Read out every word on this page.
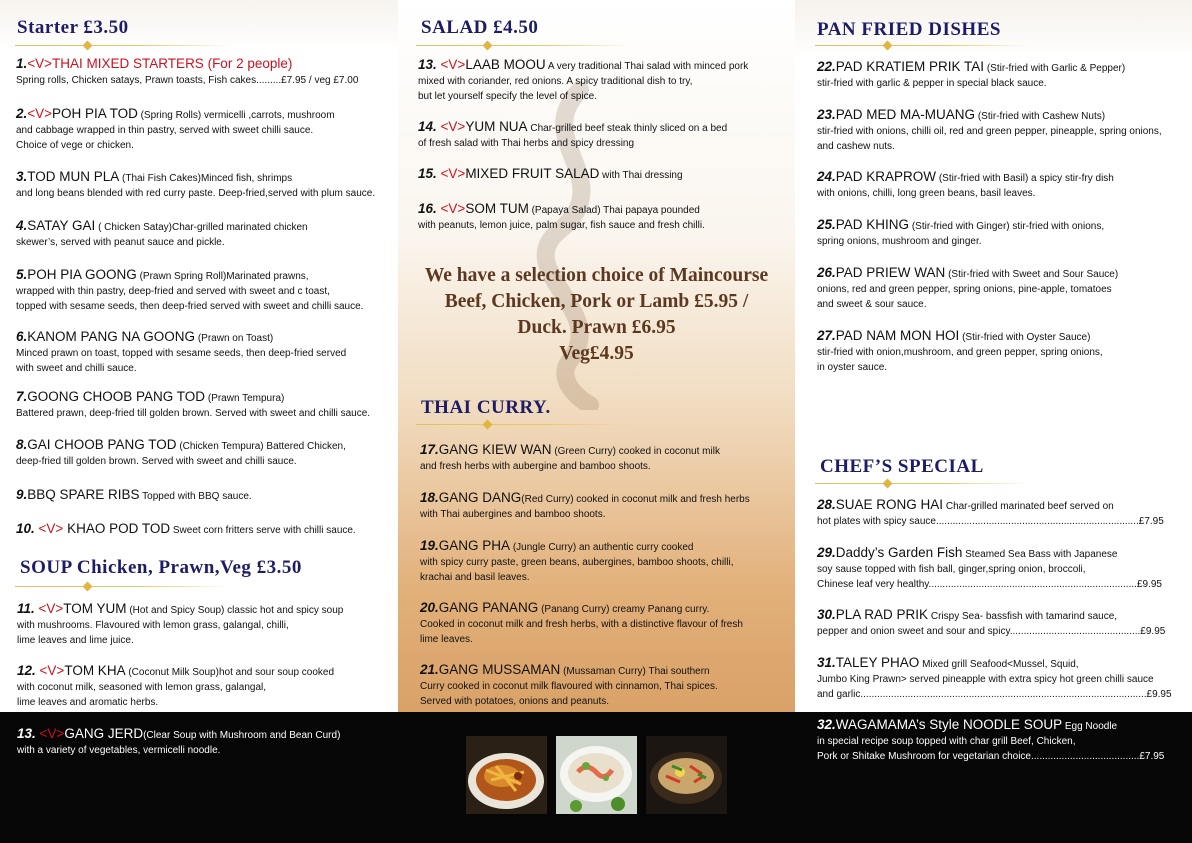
Starter £3.50
1.<V>THAI MIXED STARTERS (For 2 people)
Spring rolls, Chicken satays, Prawn toasts, Fish cakes.........£7.95 / veg £7.00
2.<V>POH PIA TOD (Spring Rolls) vermicelli ,carrots, mushroom
and cabbage wrapped in thin pastry, served with sweet chilli sauce.
Choice of vege or chicken.
3.TOD MUN PLA (Thai Fish Cakes)Minced fish, shrimps
and long beans blended with red curry paste. Deep-fried,served with plum sauce.
4.SATAY GAI ( Chicken Satay)Char-grilled marinated chicken
skewer’s, served with peanut sauce and pickle.
5.POH PIA GOONG (Prawn Spring Roll)Marinated prawns,
wrapped with thin pastry, deep-fried and served with sweet and c toast,
topped with sesame seeds, then deep-fried served with sweet and chilli sauce.
6.KANOM PANG NA GOONG (Prawn on Toast)
Minced prawn on toast, topped with sesame seeds, then deep-fried served
with sweet and chilli sauce.
7.GOONG CHOOB PANG TOD (Prawn Tempura)
Battered prawn, deep-fried till golden brown. Served with sweet and chilli sauce.
8.GAI CHOOB PANG TOD (Chicken Tempura) Battered Chicken,
deep-fried till golden brown. Served with sweet and chilli sauce.
9.BBQ SPARE RIBS Topped with BBQ sauce.
10. <V> KHAO POD TOD Sweet corn fritters serve with chilli sauce.
SOUP Chicken, Prawn,Veg £3.50
11. <V>TOM YUM (Hot and Spicy Soup) classic hot and spicy soup
with mushrooms. Flavoured with lemon grass, galangal, chilli,
lime leaves and lime juice.
12. <V>TOM KHA (Coconut Milk Soup)hot and sour soup cooked
with coconut milk, seasoned with lemon grass, galangal,
lime leaves and aromatic herbs.
13. <V>GANG JERD(Clear Soup with Mushroom and Bean Curd)
with a variety of vegetables, vermicelli noodle.
SALAD £4.50
13. <V>LAAB MOOU A very traditional Thai salad with minced pork
mixed with coriander, red onions. A spicy traditional dish to try,
but let yourself specify the level of spice.
14. <V>YUM NUA Char-grilled beef steak thinly sliced on a bed
of fresh salad with Thai herbs and spicy dressing
15. <V>MIXED FRUIT SALAD with Thai dressing
16. <V>SOM TUM (Papaya Salad) Thai papaya pounded
with peanuts, lemon juice, palm sugar, fish sauce and fresh chilli.
We have a selection choice of Maincourse
Beef, Chicken, Pork or Lamb £5.95 /
Duck. Prawn £6.95
Veg£4.95
THAI CURRY.
17.GANG KIEW WAN (Green Curry) cooked in coconut milk
and fresh herbs with aubergine and bamboo shoots.
18.GANG DANG(Red Curry) cooked in coconut milk and fresh herbs
with Thai aubergines and bamboo shoots.
19.GANG PHA (Jungle Curry) an authentic curry cooked
with spicy curry paste, green beans, aubergines, bamboo shoots, chilli,
krachai and basil leaves.
20.GANG PANANG (Panang Curry) creamy Panang curry.
Cooked in coconut milk and fresh herbs, with a distinctive flavour of fresh
lime leaves.
21.GANG MUSSAMAN (Mussaman Curry) Thai southern
Curry cooked in coconut milk flavoured with cinnamon, Thai spices.
Served with potatoes, onions and peanuts.
PAN FRIED DISHES
22.PAD KRATIEM PRIK TAI (Stir-fried with Garlic & Pepper)
stir-fried with garlic & pepper in special black sauce.
23.PAD MED MA-MUANG (Stir-fried with Cashew Nuts)
stir-fried with onions, chilli oil, red and green pepper, pineapple, spring onions,
and cashew nuts.
24.PAD KRAPROW (Stir-fried with Basil) a spicy stir-fry dish
with onions, chilli, long green beans, basil leaves.
25.PAD KHING (Stir-fried with Ginger) stir-fried with onions,
spring onions, mushroom and ginger.
26.PAD PRIEW WAN (Stir-fried with Sweet and Sour Sauce)
onions, red and green pepper, spring onions, pine-apple, tomatoes
and sweet & sour sauce.
27.PAD NAM MON HOI (Stir-fried with Oyster Sauce)
stir-fried with onion,mushroom, and green pepper, spring onions,
in oyster sauce.
CHEF’S SPECIAL
28.SUAE RONG HAI Char-grilled marinated beef served on
hot plates with spicy sauce.........................................................................£7.95
29.Daddy’s Garden Fish Steamed Sea Bass with Japanese
soy sause topped with fish ball, ginger,spring onion, broccoli,
Chinese leaf very healthy...........................................................................£9.95
30.PLA RAD PRIK Crispy Sea- bassfish with tamarind sauce,
pepper and onion sweet and sour and spicy...............................................£9.95
31.TALEY PHAO Mixed grill Seafood<Mussel, Squid,
Jumbo King Prawn> served pineapple with extra spicy hot green chilli sauce
and garlic.......................................................................................................£9.95
32.WAGAMAMA’s Style NOODLE SOUP Egg Noodle
in special recipe soup topped with char grill Beef, Chicken,
Pork or Shitake Mushroom for vegetarian choice.......................................£7.95
